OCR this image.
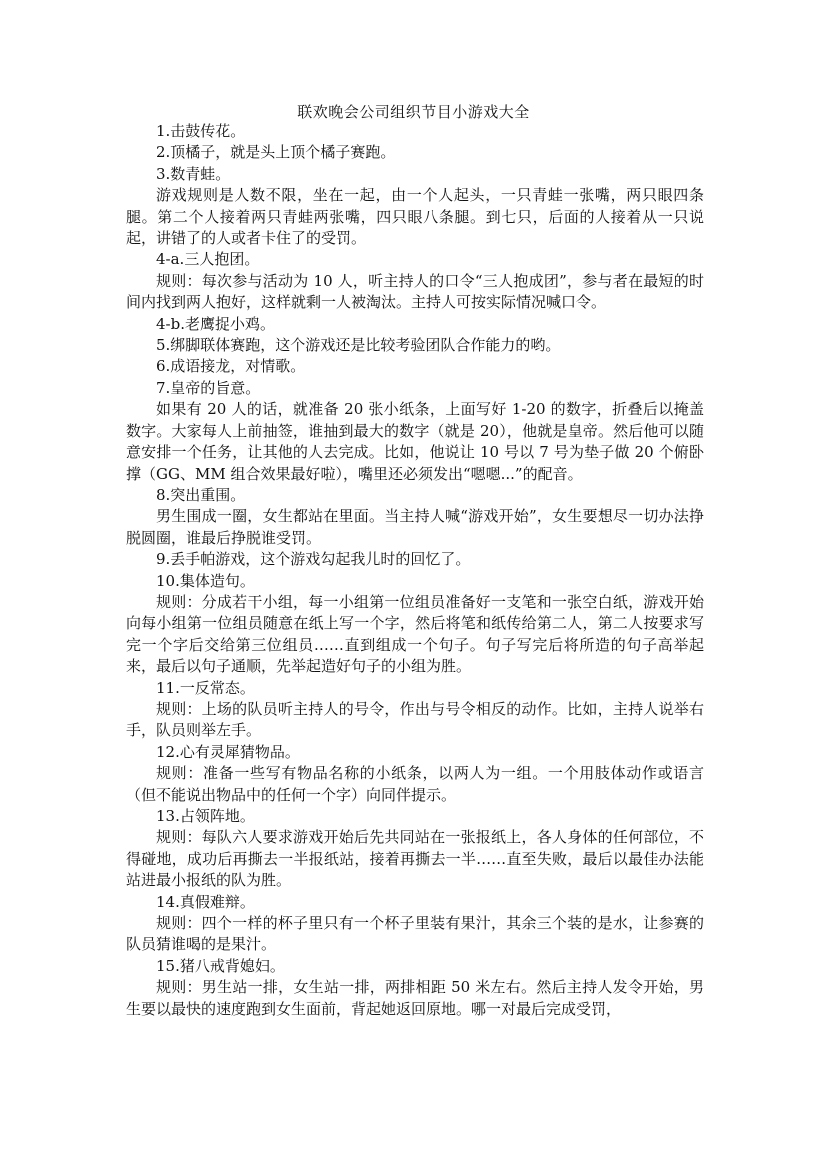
联欢晚会公司组织节目小游戏大全

1.击鼓传花。

2.顶橘子，就是头上顶个橘子赛跑。

3.数青蛙。

游戏规则是人数不限，坐在一起，由一个人起头，一只青蛙一张嘴，两只眼四条腿。第二个人接着两只青蛙两张嘴，四只眼八条腿。到七只，后面的人接着从一只说起，讲错了的人或者卡住了的受罚。

4-a.三人抱团。

规则：每次参与活动为 10 人，听主持人的口令“三人抱成团”，参与者在最短的时间内找到两人抱好，这样就剩一人被淘汰。主持人可按实际情况喊口令。

4-b.老鹰捉小鸡。

5.绑脚联体赛跑，这个游戏还是比较考验团队合作能力的哟。

6.成语接龙，对情歌。

7.皇帝的旨意。

如果有 20 人的话，就准备 20 张小纸条，上面写好 1-20 的数字，折叠后以掩盖数字。大家每人上前抽签，谁抽到最大的数字（就是 20），他就是皇帝。然后他可以随意安排一个任务，让其他的人去完成。比如，他说让 10 号以 7 号为垫子做 20 个俯卧撑（GG、MM 组合效果最好啦），嘴里还必须发出“嗯嗯...”的配音。

8.突出重围。

男生围成一圈，女生都站在里面。当主持人喊“游戏开始”，女生要想尽一切办法挣脱圆圈，谁最后挣脱谁受罚。

9.丢手帕游戏，这个游戏勾起我儿时的回忆了。

10.集体造句。

规则：分成若干小组，每一小组第一位组员准备好一支笔和一张空白纸，游戏开始向每小组第一位组员随意在纸上写一个字，然后将笔和纸传给第二人，第二人按要求写完一个字后交给第三位组员……直到组成一个句子。句子写完后将所造的句子高举起来，最后以句子通顺，先举起造好句子的小组为胜。

11.一反常态。

规则：上场的队员听主持人的号令，作出与号令相反的动作。比如，主持人说举右手，队员则举左手。

12.心有灵犀猜物品。

规则：准备一些写有物品名称的小纸条，以两人为一组。一个用肢体动作或语言（但不能说出物品中的任何一个字）向同伴提示。

13.占领阵地。

规则：每队六人要求游戏开始后先共同站在一张报纸上，各人身体的任何部位，不得碰地，成功后再撕去一半报纸站，接着再撕去一半……直至失败，最后以最佳办法能站进最小报纸的队为胜。

14.真假难辩。

规则：四个一样的杯子里只有一个杯子里装有果汁，其余三个装的是水，让参赛的队员猜谁喝的是果汁。

15.猪八戒背媳妇。

规则：男生站一排，女生站一排，两排相距 50 米左右。然后主持人发令开始，男生要以最快的速度跑到女生面前，背起她返回原地。哪一对最后完成受罚，
